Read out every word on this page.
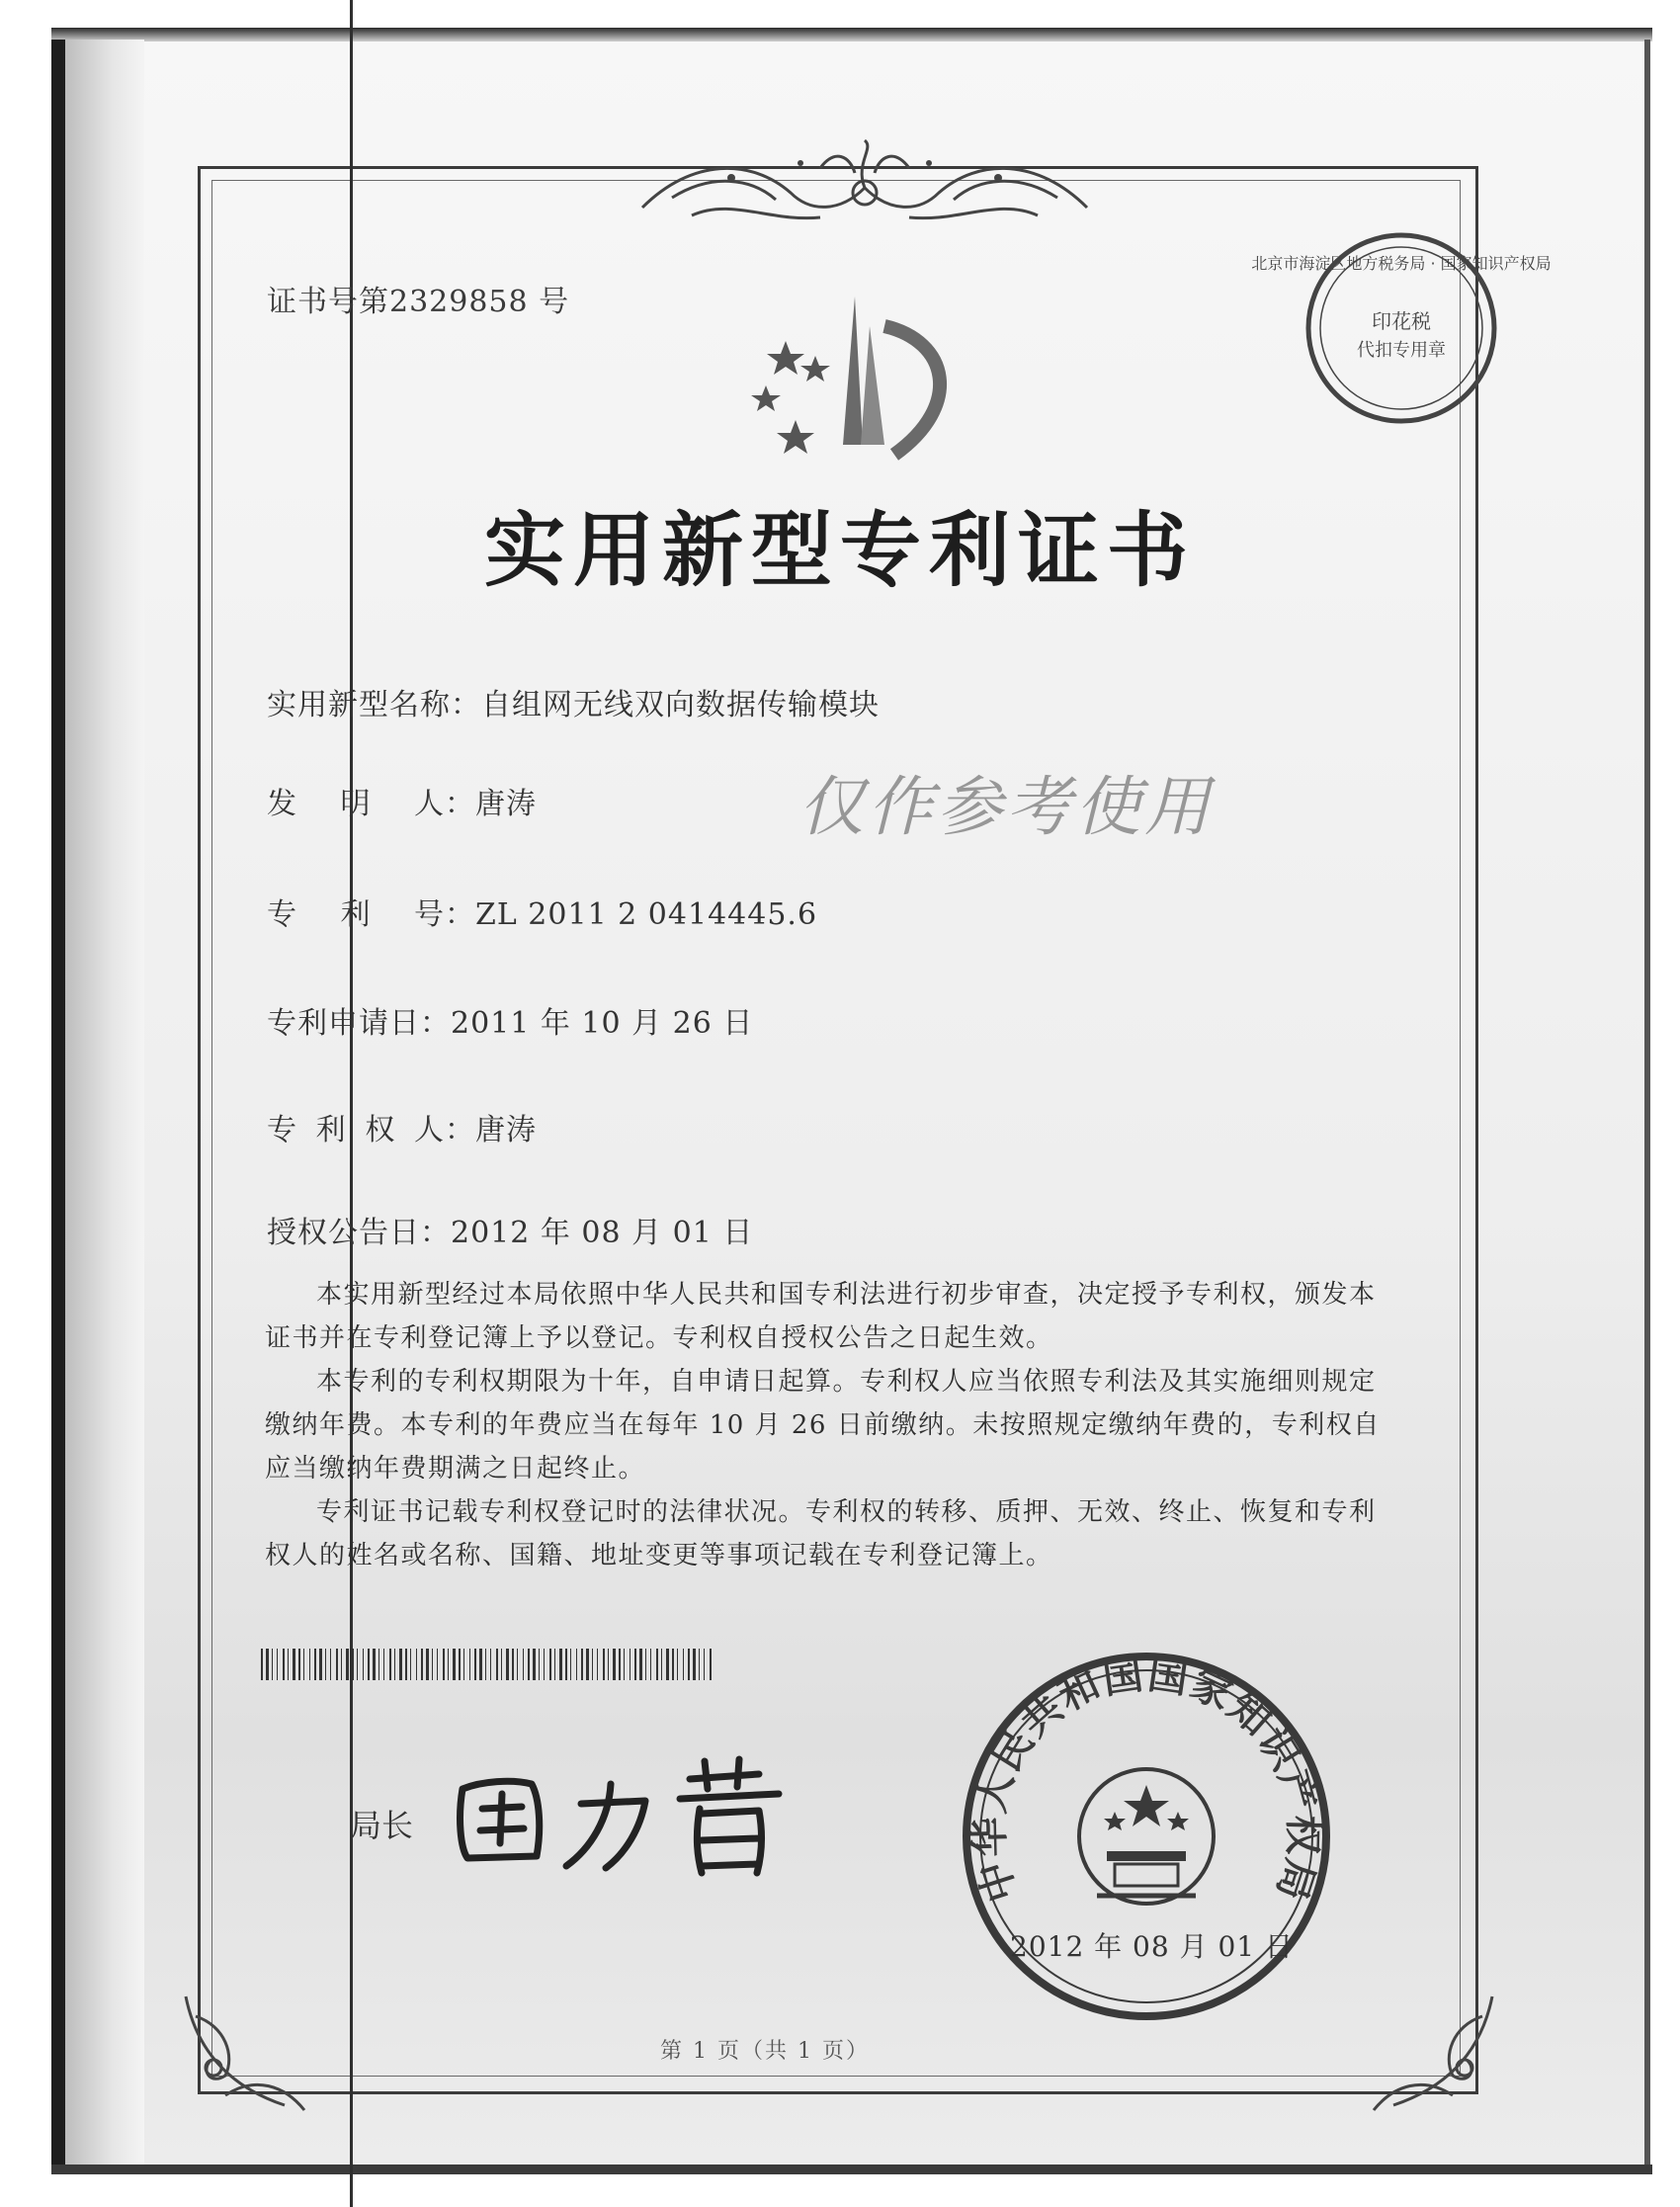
证书号第2329858 号
北京市海淀区地方税务局 · 国家知识产权局
印花税
代扣专用章
实用新型专利证书
实用新型名称：自组网无线双向数据传输模块
发明人：唐涛
专利号：ZL 2011 2 0414445.6
专利申请日：2011 年 10 月 26 日
专利权人：唐涛
授权公告日：2012 年 08 月 01 日
仅作参考使用

本实用新型经过本局依照中华人民共和国专利法进行初步审查，决定授予专利权，颁发本证书并在专利登记簿上予以登记。专利权自授权公告之日起生效。

本专利的专利权期限为十年，自申请日起算。专利权人应当依照专利法及其实施细则规定缴纳年费。本专利的年费应当在每年 10 月 26 日前缴纳。未按照规定缴纳年费的，专利权自应当缴纳年费期满之日起终止。

专利证书记载专利权登记时的法律状况。专利权的转移、质押、无效、终止、恢复和专利权人的姓名或名称、国籍、地址变更等事项记载在专利登记簿上。

局长
中华人民共和国国家知识产权局
2012 年 08 月 01 日
第 1 页（共 1 页）
